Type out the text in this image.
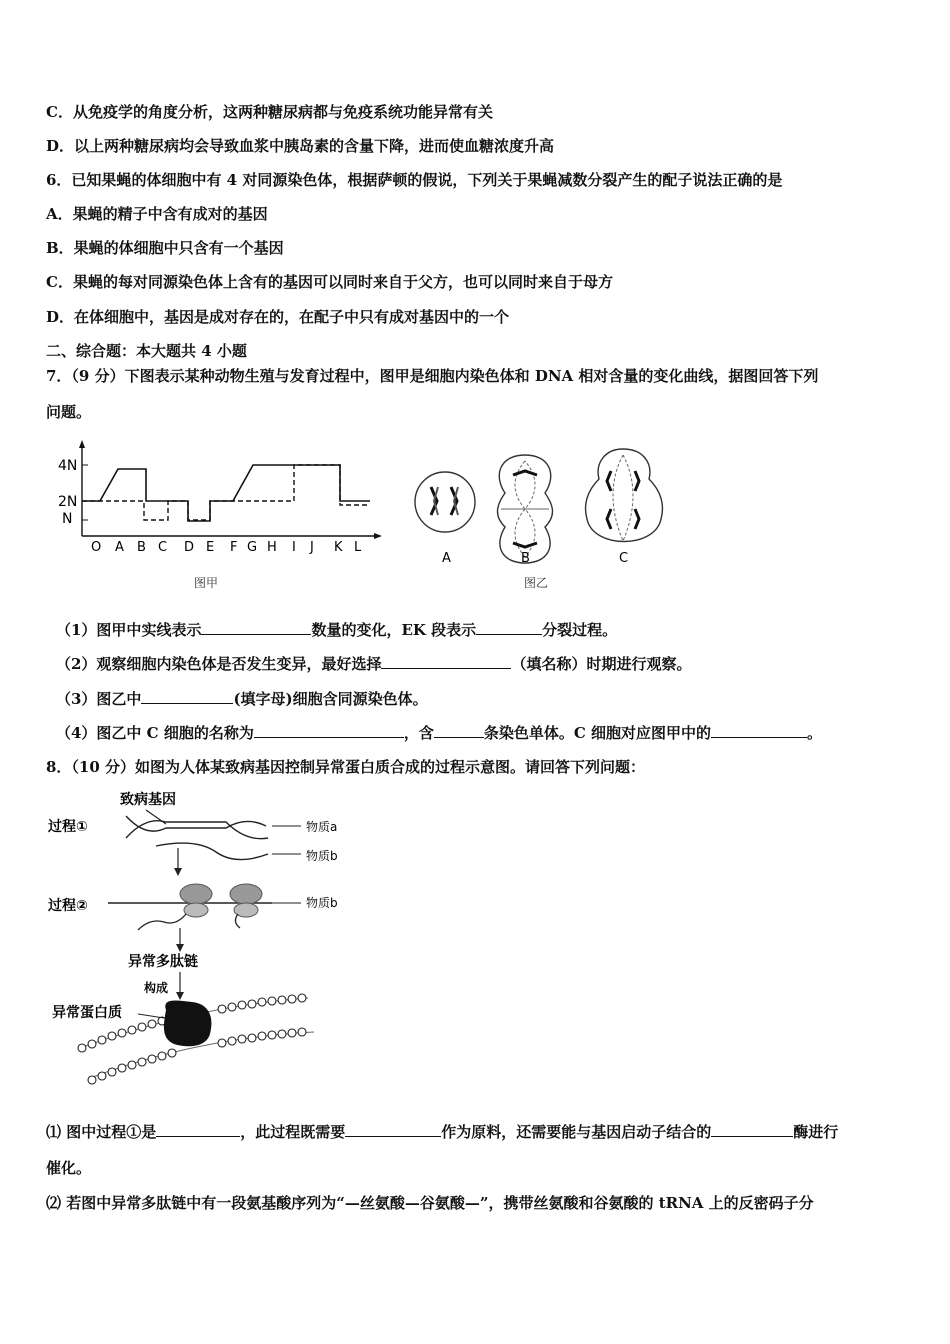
C．从免疫学的角度分析，这两种糖尿病都与免疫系统功能异常有关
D．以上两种糖尿病均会导致血浆中胰岛素的含量下降，进而使血糖浓度升高
6．已知果蝇的体细胞中有 4 对同源染色体，根据萨顿的假说，下列关于果蝇减数分裂产生的配子说法正确的是
A．果蝇的精子中含有成对的基因
B．果蝇的体细胞中只含有一个基因
C．果蝇的每对同源染色体上含有的基因可以同时来自于父方，也可以同时来自于母方
D．在体细胞中，基因是成对存在的，在配子中只有成对基因中的一个
二、综合题：本大题共 4 小题
7．（9 分）下图表示某种动物生殖与发育过程中，图甲是细胞内染色体和 DNA 相对含量的变化曲线，据图回答下列
问题。
4N
2N
N
O A B C D E F G H I J K L
图甲
A	B	C
图乙
（1）图甲中实线表示	数量的变化，EK 段表示	分裂过程。
（2）观察细胞内染色体是否发生变异，最好选择	（填名称）时期进行观察。
（3）图乙中	(填字母)细胞含同源染色体。
（4）图乙中 C 细胞的名称为	，含	条染色单体。C 细胞对应图甲中的	。
8．（10 分）如图为人体某致病基因控制异常蛋白质合成的过程示意图。请回答下列问题：
致病基因
过程①
过程②
异常多肽链
构成
异常蛋白质
物质a
物质b
物质b
⑴ 图中过程①是	，此过程既需要	作为原料，还需要能与基因启动子结合的	酶进行
催化。
⑵ 若图中异常多肽链中有一段氨基酸序列为“—丝氨酸—谷氨酸—”，携带丝氨酸和谷氨酸的 tRNA 上的反密码子分
